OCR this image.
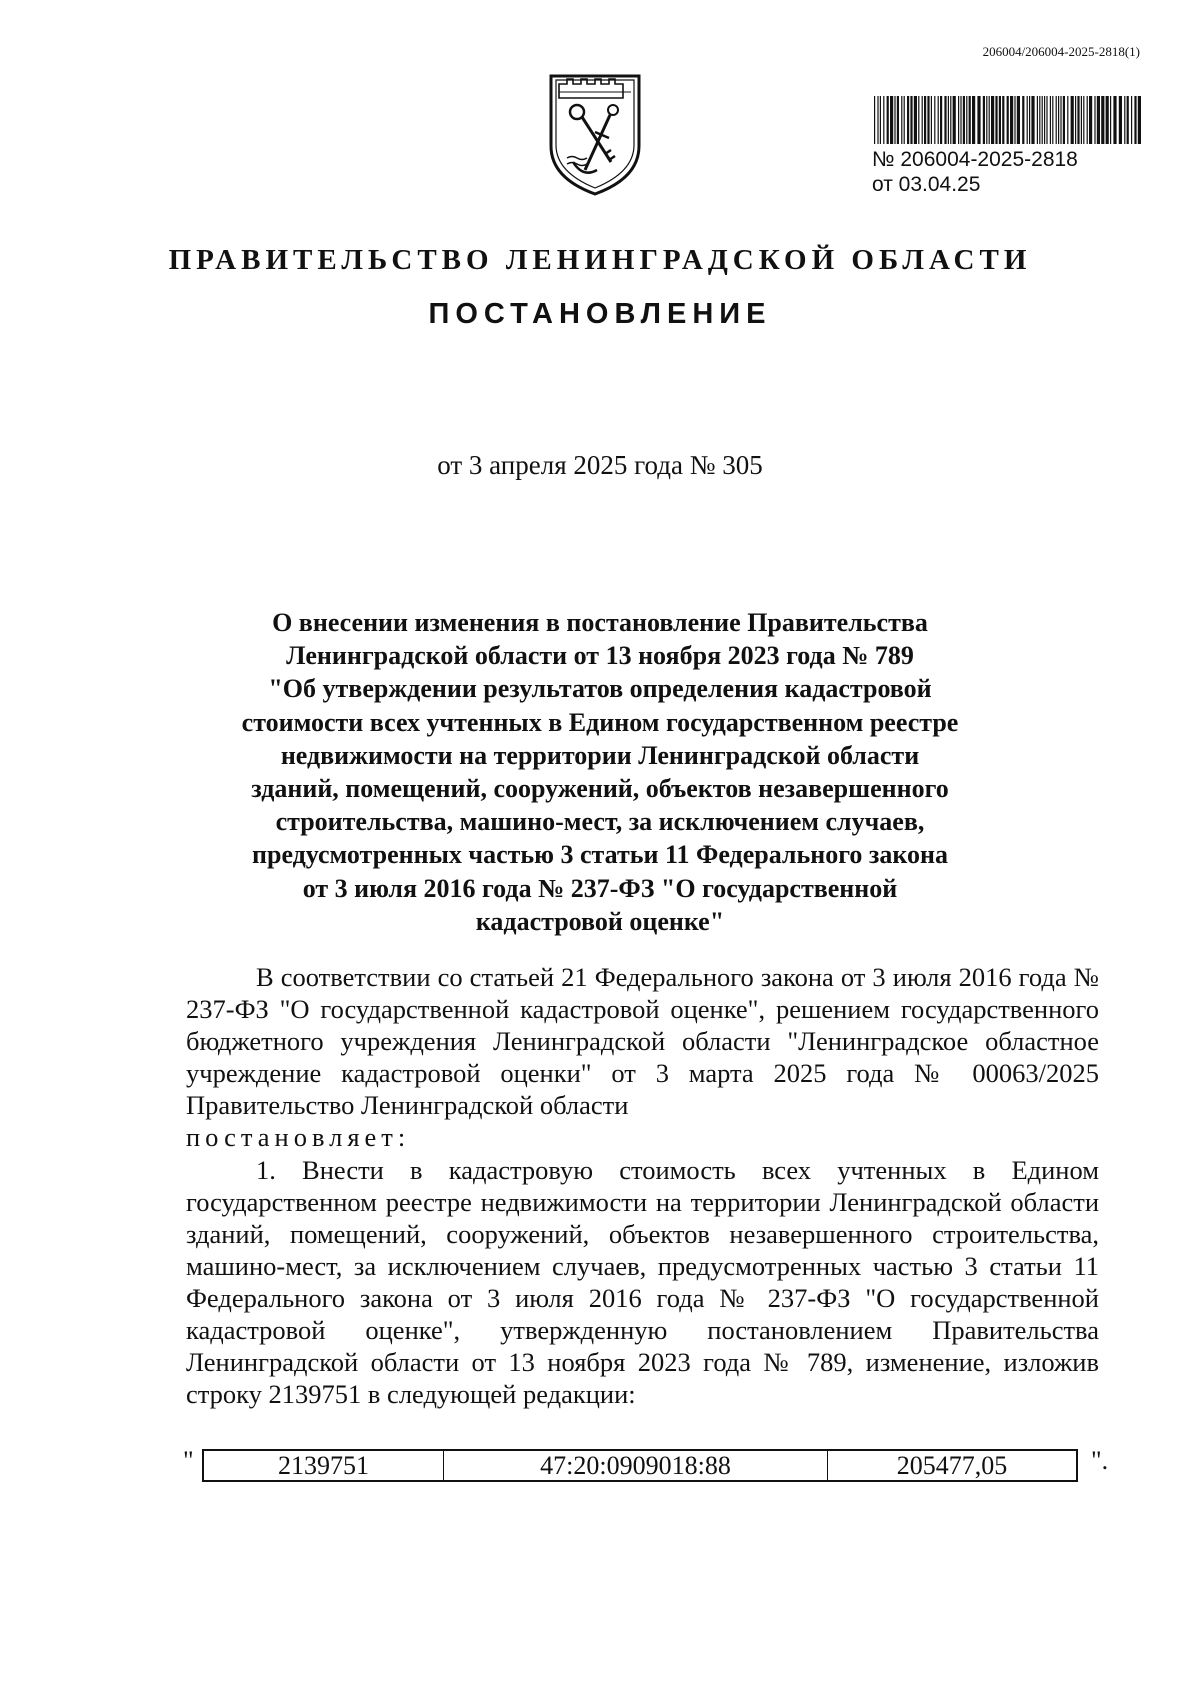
206004/206004-2025-2818(1)
№ 206004-2025-2818
от 03.04.25
ПРАВИТЕЛЬСТВО ЛЕНИНГРАДСКОЙ ОБЛАСТИ
ПОСТАНОВЛЕНИЕ
от 3 апреля 2025 года № 305
О внесении изменения в постановление Правительства
Ленинградской области от 13 ноября 2023 года № 789
"Об утверждении результатов определения кадастровой
стоимости всех учтенных в Едином государственном реестре
недвижимости на территории Ленинградской области
зданий, помещений, сооружений, объектов незавершенного
строительства, машино-мест, за исключением случаев,
предусмотренных частью 3 статьи 11 Федерального закона
от 3 июля 2016 года № 237-ФЗ "О государственной
кадастровой оценке"

В соответствии со статьей 21 Федерального закона от 3 июля 2016 года № 237-ФЗ "О государственной кадастровой оценке", решением государственного бюджетного учреждения Ленинградской области "Ленинградское областное учреждение кадастровой оценки" от 3 марта 2025 года № 00063/2025 Правительство Ленинградской области
постановляет:

1. Внести в кадастровую стоимость всех учтенных в Едином государственном реестре недвижимости на территории Ленинградской области зданий, помещений, сооружений, объектов незавершенного строительства, машино-мест, за исключением случаев, предусмотренных частью 3 статьи 11 Федерального закона от 3 июля 2016 года № 237-ФЗ "О государственной кадастровой оценке", утвержденную постановлением Правительства Ленинградской области от 13 ноября 2023 года № 789, изменение, изложив строку 2139751 в следующей редакции:

"	2139751	47:20:0909018:88	205477,05	".
